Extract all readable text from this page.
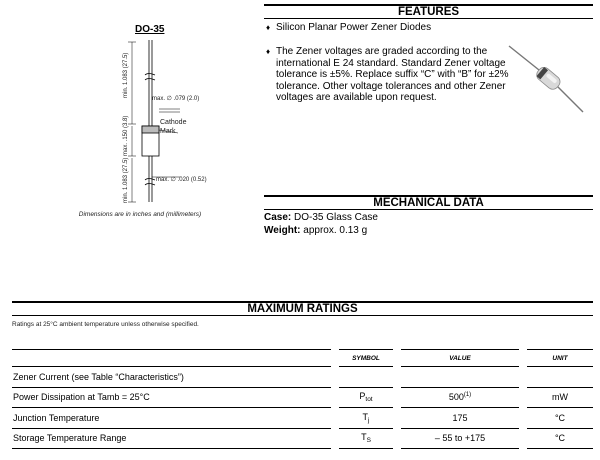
DO-35
min. 1.083 (27.5)
max. .150 (3.8)
min. 1.083 (27.5)
max. ∅ .079 (2.0)
Cathode
Mark
max. ∅ .020 (0.52)
Dimensions are in inches and (millimeters)
FEATURES
♦ Silicon Planar Power Zener Diodes
♦ The Zener voltages are graded according to the international E 24 standard. Standard Zener voltage tolerance is ±5%. Replace suffix “C” with “B” for ±2% tolerance. Other voltage tolerances and other Zener voltages are available upon request.
MECHANICAL DATA
Case: DO-35 Glass Case
Weight: approx. 0.13 g
MAXIMUM RATINGS
Ratings at 25°C ambient temperature unless otherwise specified.
	SYMBOL	VALUE	UNIT
Zener Current (see Table “Characteristics”)			
Power Dissipation at Tamb = 25°C	$P_{tot}$	500$^{(1)}$	mW
Junction Temperature	$T_j$	175	°C
Storage Temperature Range	$T_S$	– 55 to +175	°C
